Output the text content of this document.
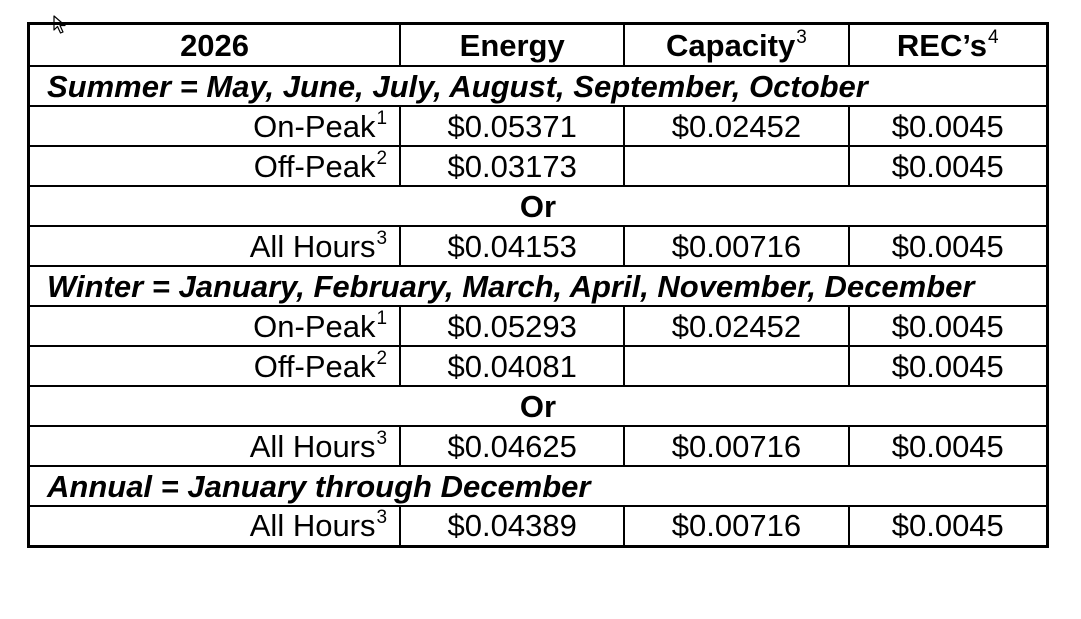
2026	Energy	Capacity$^3$	$REC’s^4$
Summer = May, June, July, August, September, October			
On-Peak$^1$	$0.05371	$0.02452	$0.0045
Off-Peak$^2$	$0.03173		$0.0045
Or			
All Hours$^3$	$0.04153	$0.00716	$0.0045
Winter = January, February, March, April, November, December			
On-Peak$^1$	$0.05293	$0.02452	$0.0045
Off-Peak$^2$	$0.04081		$0.0045
Or			
All Hours$^3$	$0.04625	$0.00716	$0.0045
Annual = January through December			
All Hours$^3$	$0.04389	$0.00716	$0.0045
